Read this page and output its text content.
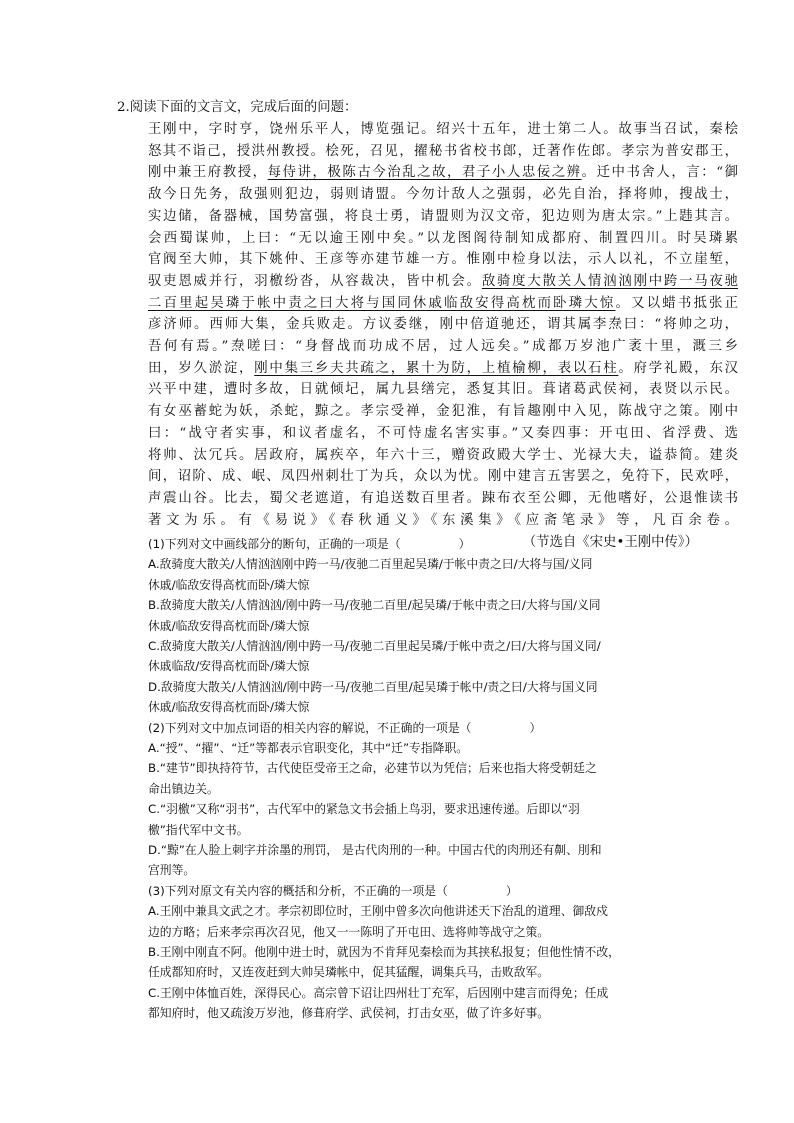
2.阅读下面的文言文，完成后面的问题：
王刚中，字时亨，饶州乐平人，博览强记。绍兴十五年，进士第二人。故事当召试，秦桧
怒其不诣己，授洪州教授。桧死，召见，擢秘书省校书郎，迁著作佐郎。孝宗为普安郡王，
刚中兼王府教授，每侍讲，极陈古今治乱之故，君子小人忠佞之辨。迁中书舍人，言：“御
敌今日先务，敌强则犯边，弱则请盟。今勿计敌人之强弱，必先自治，择将帅，搜战士，
实边储，备器械，国势富强，将良士勇，请盟则为汉文帝，犯边则为唐太宗。”上韪其言。
会西蜀谋帅，上曰：“无以逾王刚中矣。”以龙图阁待制知成都府、制置四川。时吴璘累
官阀至大帅，其下姚仲、王彦等亦建节雄一方。惟刚中检身以法，示人以礼，不立崖堑，
驭吏恩威并行，羽檄纷沓，从容裁决，皆中机会。敌骑度大散关人情汹汹刚中跨一马夜驰
二百里起吴璘于帐中责之曰大将与国同休戚临敌安得高枕而卧璘大惊。又以蜡书抵张正
彦济师。西师大集，金兵败走。方议委继，刚中倍道驰还，谓其属李焘曰：“将帅之功，
吾何有焉。”焘嗟曰：“身督战而功成不居，过人远矣。”成都万岁池广袤十里，溉三乡
田，岁久淤淀，刚中集三乡夫共疏之，累十为防，上植榆柳，表以石柱。府学礼殿，东汉
兴平中建，遭时多故，日就倾圮，属九县缮完，悉复其旧。葺诸葛武侯祠，表贤以示民。
有女巫蓄蛇为妖，杀蛇，黥之。孝宗受禅，金犯淮，有旨趣刚中入见，陈战守之策。刚中
曰：“战守者实事，和议者虚名，不可恃虚名害实事。”又奏四事：开屯田、省浮费、选
将帅、汰冗兵。居政府，属疾卒，年六十三，赠资政殿大学士、光禄大夫，谥恭简。建炎
间，诏阶、成、岷、凤四州刺壮丁为兵，众以为忧。刚中建言五害罢之，免符下，民欢呼，
声震山谷。比去，蜀父老遮道，有追送数百里者。踈布衣至公卿，无他嗜好，公退惟读书
著文为乐。有《易说》《春秋通义》《东溪集》《应斋笔录》等，凡百余卷。
（节选自《宋史•王刚中传》）
(1)下列对文中画线部分的断句，正确的一项是（	）
A.敌骑度大散关/人情汹汹刚中跨一马/夜驰二百里起吴璘/于帐中责之曰/大将与国/义同
休戚/临敌安得高枕而卧/璘大惊
B.敌骑度大散关/人情汹汹/刚中跨一马/夜驰二百里/起吴璘/于帐中责之曰/大将与国/义同
休戚/临敌安得高枕而卧/璘大惊
C.敌骑度大散关/人情汹汹/刚中跨一马/夜驰二百里起吴璘/于帐中责之/曰/大将与国义同/
休戚临敌/安得高枕而卧/璘大惊
D.敌骑度大散关/人情汹汹/刚中跨一马/夜驰二百里/起吴璘于帐中/责之曰/大将与国义同
休戚/临敌安得高枕而卧/璘大惊
(2)下列对文中加点词语的相关内容的解说，不正确的一项是（	）
A.“授”、“擢”、“迁”等都表示官职变化，其中“迁”专指降职。
B.“建节”即执持符节，古代使臣受帝王之命，必建节以为凭信；后来也指大将受朝廷之
命出镇边关。
C.“羽檄”又称“羽书”，古代军中的紧急文书会插上鸟羽，要求迅速传递。后即以“羽
檄”指代军中文书。
D.“黥”在人脸上刺字并涂墨的刑罚， 是古代肉刑的一种。中国古代的肉刑还有劓、刖和
宫刑等。
(3)下列对原文有关内容的概括和分析，不正确的一项是（	）
A.王刚中兼具文武之才。孝宗初即位时，王刚中曾多次向他讲述天下治乱的道理、御敌戍
边的方略；后来孝宗再次召见，他又一一陈明了开屯田、选将帅等战守之策。
B.王刚中刚直不阿。他刚中进士时，就因为不肯拜见秦桧而为其挟私报复；但他性情不改，
任成都知府时，又连夜赶到大帅吴璘帐中，促其猛醒，调集兵马，击败敌军。
C.王刚中体恤百姓，深得民心。高宗曾下诏让四州壮丁充军，后因刚中建言而得免；任成
都知府时，他又疏浚万岁池，修葺府学、武侯祠，打击女巫，做了许多好事。
